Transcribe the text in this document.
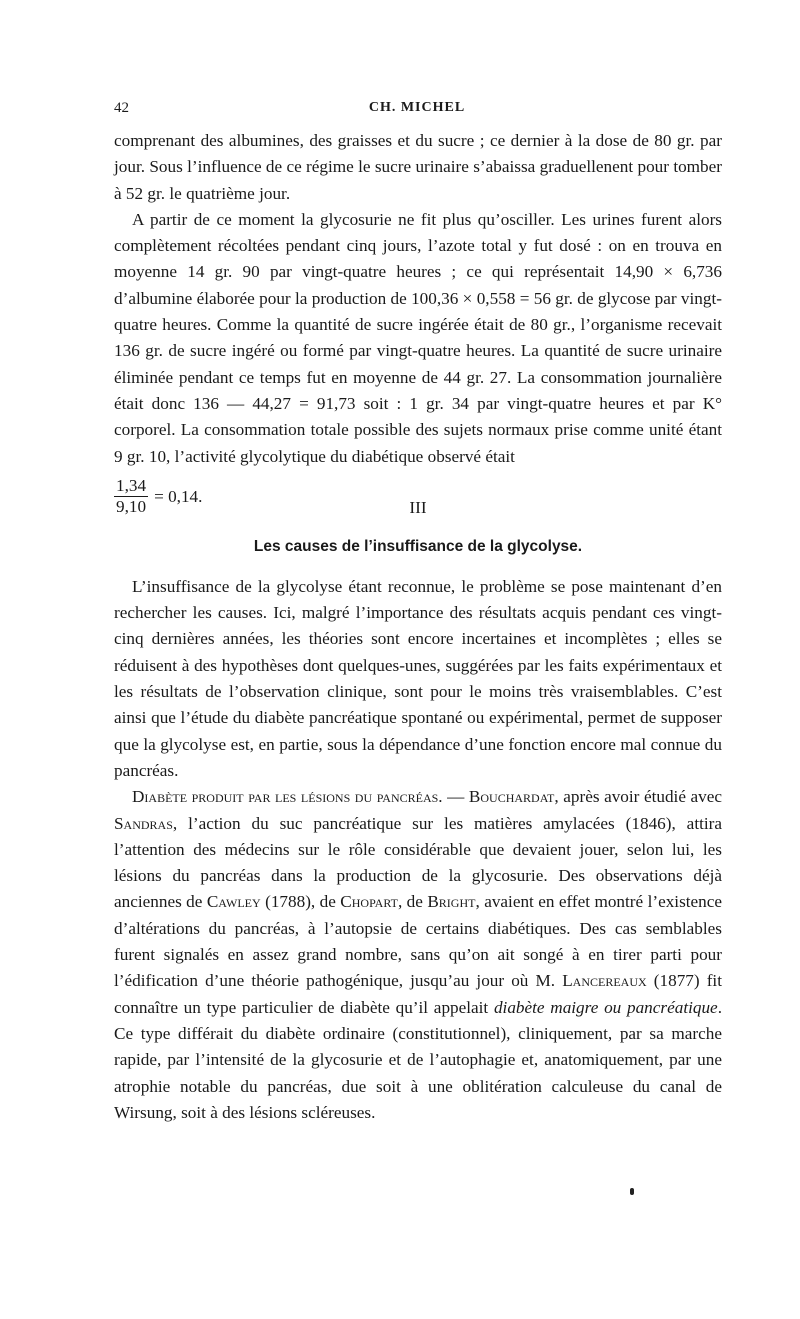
42	CH. MICHEL

comprenant des albumines, des graisses et du sucre ; ce dernier à la dose de 80 gr. par jour. Sous l’influence de ce régime le sucre urinaire s’abaissa graduellenent pour tomber à 52 gr. le quatrième jour.

A partir de ce moment la glycosurie ne fit plus qu’osciller. Les urines furent alors complètement récoltées pendant cinq jours, l’azote total y fut dosé : on en trouva en moyenne 14 gr. 90 par vingt-quatre heures ; ce qui représentait 14,90 × 6,736 d’albumine élaborée pour la production de 100,36 × 0,558 = 56 gr. de glycose par vingt-quatre heures. Comme la quantité de sucre ingérée était de 80 gr., l’organisme recevait 136 gr. de sucre ingéré ou formé par vingt-quatre heures. La quantité de sucre urinaire éliminée pendant ce temps fut en moyenne de 44 gr. 27. La consommation journalière était donc 136 — 44,27 = 91,73 soit : 1 gr. 34 par vingt-quatre heures et par K° corporel. La consommation totale possible des sujets normaux prise comme unité étant 9 gr. 10, l’activité glycolytique du diabétique observé était

$\frac{1,34}{9,10} = 0,14$.
III
Les causes de l’insuffisance de la glycolyse.

L’insuffisance de la glycolyse étant reconnue, le problème se pose maintenant d’en rechercher les causes. Ici, malgré l’importance des résultats acquis pendant ces vingt-cinq dernières années, les théories sont encore incertaines et incomplètes ; elles se réduisent à des hypothèses dont quelques-unes, suggérées par les faits expérimentaux et les résultats de l’observation clinique, sont pour le moins très vraisemblables. C’est ainsi que l’étude du diabète pancréatique spontané ou expérimental, permet de supposer que la glycolyse est, en partie, sous la dépendance d’une fonction encore mal connue du pancréas.

Diabète produit par les lésions du pancréas. — Bouchardat, après avoir étudié avec Sandras, l’action du suc pancréatique sur les matières amylacées (1846), attira l’attention des médecins sur le rôle considérable que devaient jouer, selon lui, les lésions du pancréas dans la production de la glycosurie. Des observations déjà anciennes de Cawley (1788), de Chopart, de Bright, avaient en effet montré l’existence d’altérations du pancréas, à l’autopsie de certains diabétiques. Des cas semblables furent signalés en assez grand nombre, sans qu’on ait songé à en tirer parti pour l’édification d’une théorie pathogénique, jusqu’au jour où M. Lancereaux (1877) fit connaître un type particulier de diabète qu’il appelait diabète maigre ou pancréatique. Ce type différait du diabète ordinaire (constitutionnel), cliniquement, par sa marche rapide, par l’intensité de la glycosurie et de l’autophagie et, anatomiquement, par une atrophie notable du pancréas, due soit à une oblitération calculeuse du canal de Wirsung, soit à des lésions scléreuses.
